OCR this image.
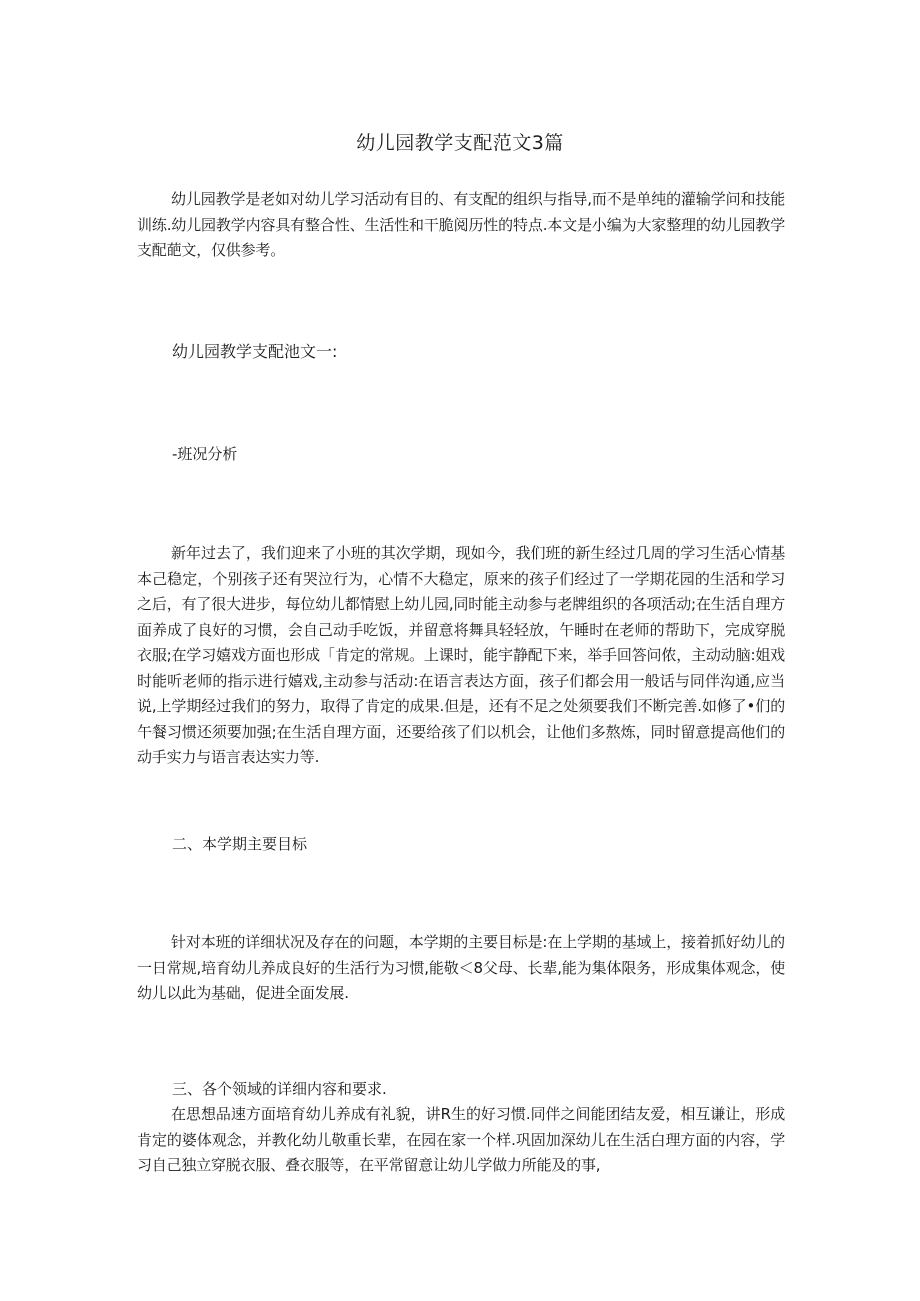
幼儿园教学支配范文3篇

幼儿园教学是老如对幼儿学习活动有目的、有支配的组织与指导,而不是单纯的灌输学问和技能训练.幼儿园教学内容具有整合性、生活性和干脆阅历性的特点.本文是小编为大家整理的幼儿园教学支配葩文，仅供参考。

幼儿园教学支配池文一:

-班况分析

新年过去了，我们迎来了小班的其次学期，现如今，我们班的新生经过几周的学习生活心情基本己稳定，个别孩子还有哭泣行为，心情不大稳定，原来的孩子们经过了一学期花园的生活和学习之后，有了很大进步，每位幼儿都情慰上幼儿园,同时能主动参与老牌组织的各项活动;在生活自理方面养成了良好的习惯，会自己动手吃饭，并留意将舞具轻轻放，午睡时在老师的帮助下，完成穿脱衣服;在学习嬉戏方面也形成「肯定的常规。上课时，能宇静配下来，举手回答问侬，主动动脑:姐戏时能听老师的指示进行嬉戏,主动参与活动:在语言表达方面，孩子们都会用一般话与同伴沟通,应当说,上学期经过我们的努力，取得了肯定的成果.但是，还有不足之处须要我们不断完善.如修了•们的午餐习惯还须要加强;在生活自理方面，还要给孩了们以机会，让他们多熬炼，同时留意提高他们的动手实力与语言表达实力等.

二、本学期主要目标

针对本班的详细状况及存在的问题，本学期的主要目标是:在上学期的基域上，接着抓好幼儿的一日常规,培育幼儿养成良好的生活行为习惯,能敬＜8父母、长辈,能为集体限务，形成集体观念，使幼儿以此为基础，促进全面发展.

三、各个领域的详细内容和要求.

在思想品速方面培育幼儿养成有礼貌，讲R生的好习惯.同伴之间能团结友爱，相互谦让，形成肯定的婆体观念，并教化幼儿敬重长辈，在园在家一个样.巩固加深幼儿在生活白理方面的内容，学习自己独立穿脱衣服、叠衣服等，在平常留意让幼儿学做力所能及的事,
